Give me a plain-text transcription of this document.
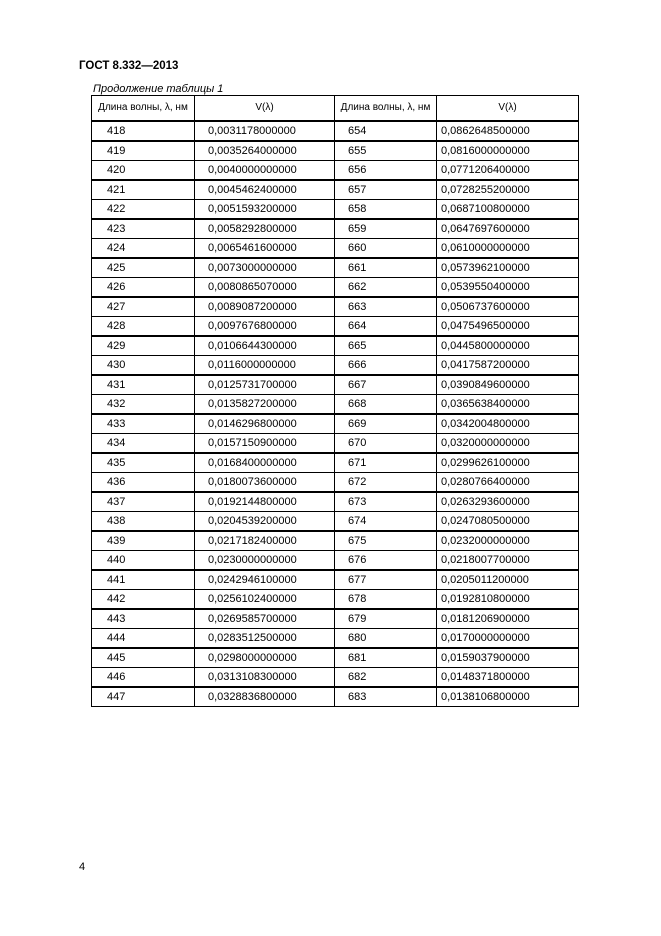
ГОСТ 8.332—2013
Продолжение таблицы 1
Длина волны, λ, нм	V(λ)	Длина волны, λ, нм	V(λ)
418	0,0031178000000	654	0,0862648500000
419	0,0035264000000	655	0,0816000000000
420	0,0040000000000	656	0,0771206400000
421	0,0045462400000	657	0,0728255200000
422	0,0051593200000	658	0,0687100800000
423	0,0058292800000	659	0,0647697600000
424	0,0065461600000	660	0,0610000000000
425	0,0073000000000	661	0,0573962100000
426	0,0080865070000	662	0,0539550400000
427	0,0089087200000	663	0,0506737600000
428	0,0097676800000	664	0,0475496500000
429	0,0106644300000	665	0,0445800000000
430	0,0116000000000	666	0,0417587200000
431	0,0125731700000	667	0,0390849600000
432	0,0135827200000	668	0,0365638400000
433	0,0146296800000	669	0,0342004800000
434	0,0157150900000	670	0,0320000000000
435	0,0168400000000	671	0,0299626100000
436	0,0180073600000	672	0,0280766400000
437	0,0192144800000	673	0,0263293600000
438	0,0204539200000	674	0,0247080500000
439	0,0217182400000	675	0,0232000000000
440	0,0230000000000	676	0,0218007700000
441	0,0242946100000	677	0,0205011200000
442	0,0256102400000	678	0,0192810800000
443	0,0269585700000	679	0,0181206900000
444	0,0283512500000	680	0,0170000000000
445	0,0298000000000	681	0,0159037900000
446	0,0313108300000	682	0,0148371800000
447	0,0328836800000	683	0,0138106800000
4
